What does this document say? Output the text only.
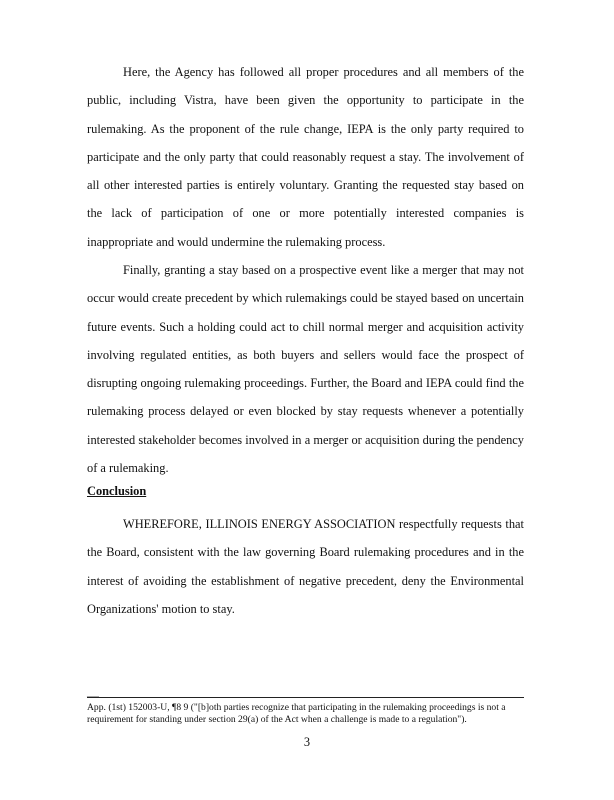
Here, the Agency has followed all proper procedures and all members of the public, including Vistra, have been given the opportunity to participate in the rulemaking. As the proponent of the rule change, IEPA is the only party required to participate and the only party that could reasonably request a stay. The involvement of all other interested parties is entirely voluntary. Granting the requested stay based on the lack of participation of one or more potentially interested companies is inappropriate and would undermine the rulemaking process.

Finally, granting a stay based on a prospective event like a merger that may not occur would create precedent by which rulemakings could be stayed based on uncertain future events. Such a holding could act to chill normal merger and acquisition activity involving regulated entities, as both buyers and sellers would face the prospect of disrupting ongoing rulemaking proceedings. Further, the Board and IEPA could find the rulemaking process delayed or even blocked by stay requests whenever a potentially interested stakeholder becomes involved in a merger or acquisition during the pendency of a rulemaking.

Conclusion

WHEREFORE, ILLINOIS ENERGY ASSOCIATION respectfully requests that the Board, consistent with the law governing Board rulemaking procedures and in the interest of avoiding the establishment of negative precedent, deny the Environmental Organizations' motion to stay.

___

App. (1st) 152003-U, ¶8 9 ("[b]oth parties recognize that participating in the rulemaking proceedings is not a requirement for standing under section 29(a) of the Act when a challenge is made to a regulation").

3
